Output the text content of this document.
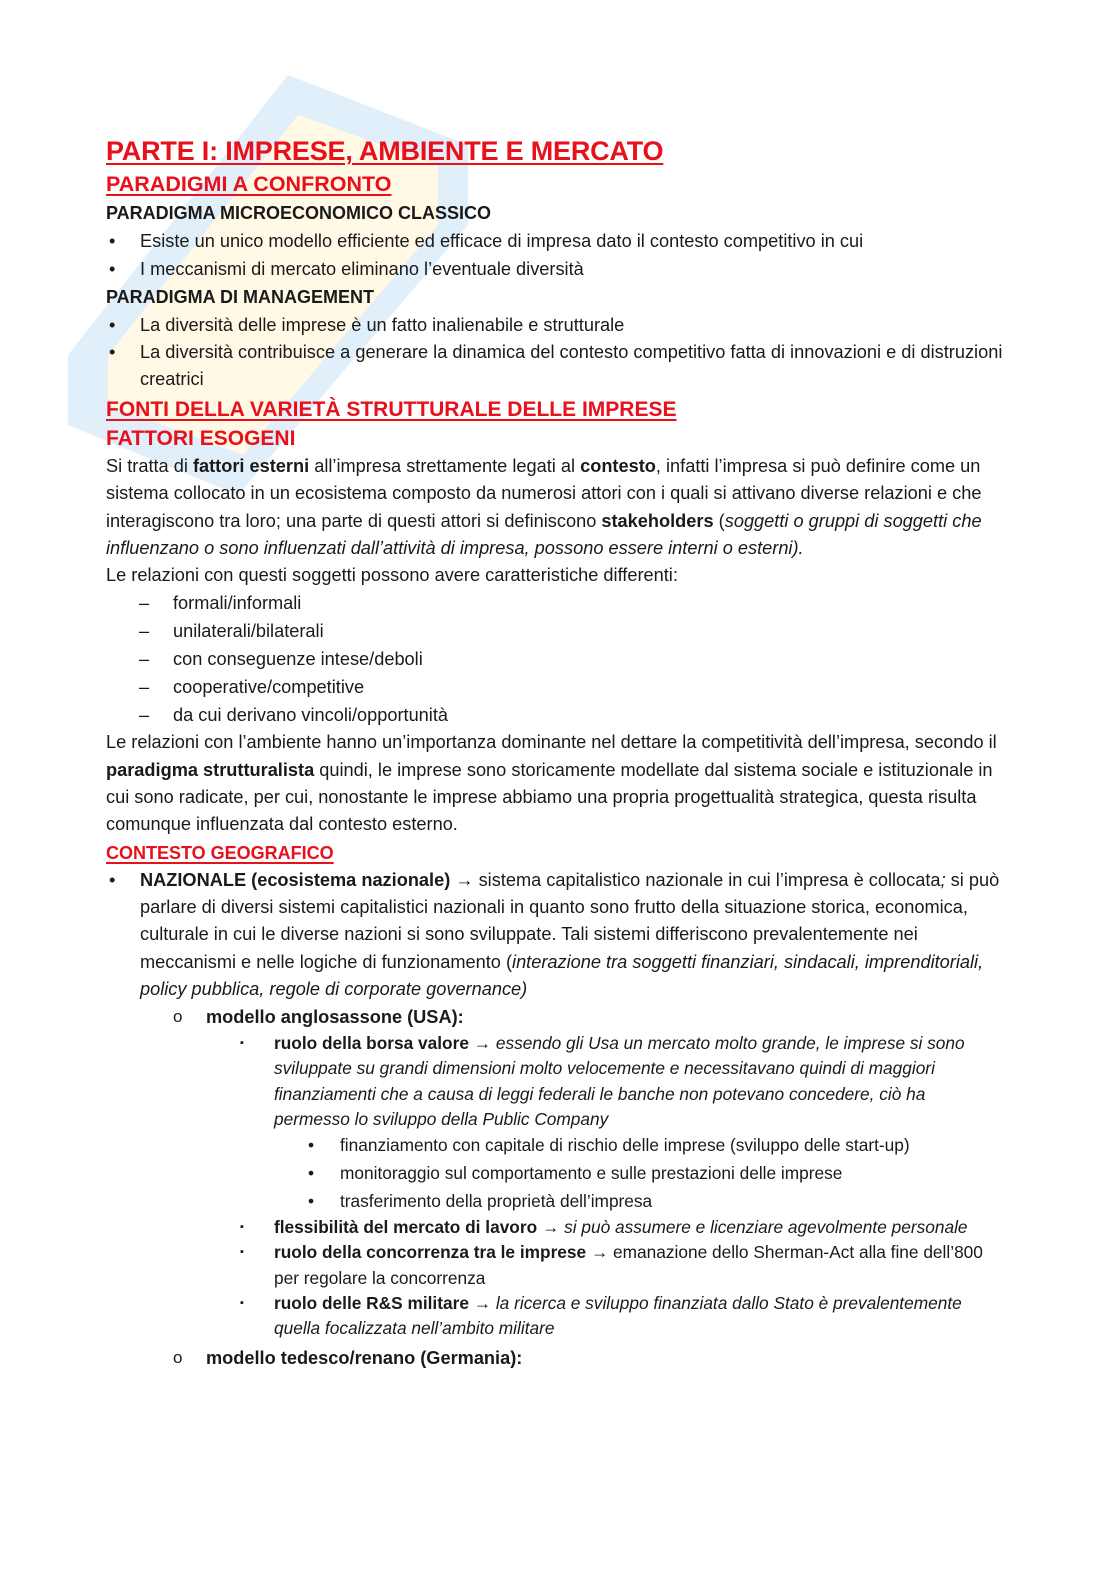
PARTE I: IMPRESE, AMBIENTE E MERCATO
PARADIGMI A CONFRONTO
PARADIGMA MICROECONOMICO CLASSICO
• Esiste un unico modello efficiente ed efficace di impresa dato il contesto competitivo in cui
• I meccanismi di mercato eliminano l’eventuale diversità
PARADIGMA DI MANAGEMENT
• La diversità delle imprese è un fatto inalienabile e strutturale
• La diversità contribuisce a generare la dinamica del contesto competitivo fatta di innovazioni e di distruzioni creatrici
FONTI DELLA VARIETÀ STRUTTURALE DELLE IMPRESE
FATTORI ESOGENI
Si tratta di fattori esterni all’impresa strettamente legati al contesto, infatti l’impresa si può definire come un sistema collocato in un ecosistema composto da numerosi attori con i quali si attivano diverse relazioni e che interagiscono tra loro; una parte di questi attori si definiscono stakeholders (soggetti o gruppi di soggetti che influenzano o sono influenzati dall’attività di impresa, possono essere interni o esterni).
Le relazioni con questi soggetti possono avere caratteristiche differenti:
– formali/informali
– unilaterali/bilaterali
– con conseguenze intese/deboli
– cooperative/competitive
– da cui derivano vincoli/opportunità
Le relazioni con l’ambiente hanno un’importanza dominante nel dettare la competitività dell’impresa, secondo il paradigma strutturalista quindi, le imprese sono storicamente modellate dal sistema sociale e istituzionale in cui sono radicate, per cui, nonostante le imprese abbiamo una propria progettualità strategica, questa risulta comunque influenzata dal contesto esterno.
CONTESTO GEOGRAFICO
• NAZIONALE (ecosistema nazionale) → sistema capitalistico nazionale in cui l’impresa è collocata; si può parlare di diversi sistemi capitalistici nazionali in quanto sono frutto della situazione storica, economica, culturale in cui le diverse nazioni si sono sviluppate. Tali sistemi differiscono prevalentemente nei meccanismi e nelle logiche di funzionamento (interazione tra soggetti finanziari, sindacali, imprenditoriali, policy pubblica, regole di corporate governance)
o modello anglosassone (USA):
▪ ruolo della borsa valore → essendo gli Usa un mercato molto grande, le imprese si sono sviluppate su grandi dimensioni molto velocemente e necessitavano quindi di maggiori finanziamenti che a causa di leggi federali le banche non potevano concedere, ciò ha permesso lo sviluppo della Public Company
• finanziamento con capitale di rischio delle imprese (sviluppo delle start-up)
• monitoraggio sul comportamento e sulle prestazioni delle imprese
• trasferimento della proprietà dell’impresa
▪ flessibilità del mercato di lavoro → si può assumere e licenziare agevolmente personale
▪ ruolo della concorrenza tra le imprese → emanazione dello Sherman-Act alla fine dell’800 per regolare la concorrenza
▪ ruolo delle R&S militare → la ricerca e sviluppo finanziata dallo Stato è prevalentemente quella focalizzata nell’ambito militare
o modello tedesco/renano (Germania):
